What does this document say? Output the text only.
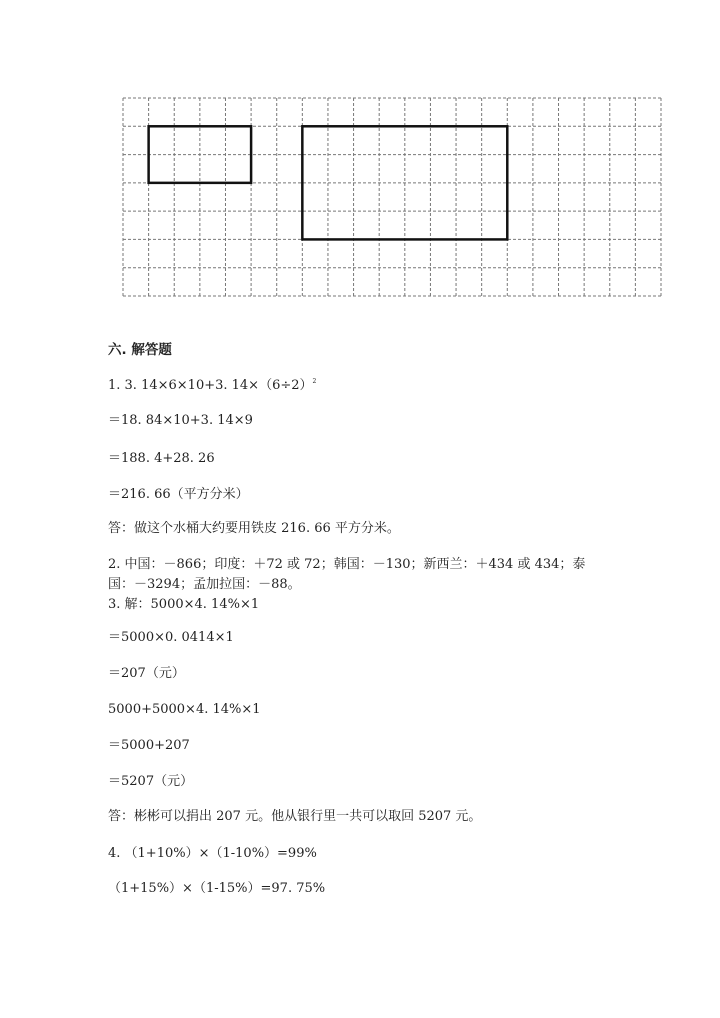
六. 解答题
1. 3. 14×6×10+3. $14\times(6\div 2)^2$
＝18. 84×10+3. 14×9
＝188. 4+28. 26
＝216. 66（平方分米）
答：做这个水桶大约要用铁皮 216. 66 平方分米。
2. 中国：－866；印度：＋72 或 72；韩国：－130；新西兰：＋434 或 434；泰国：－3294；孟加拉国：－88。
3. 解：5000×4. 14%×1
＝5000×0. 0414×1
＝207（元）
5000+5000×4. 14%×1
＝5000+207
＝5207（元）
答：彬彬可以捐出 207 元。他从银行里一共可以取回 5207 元。
4. （1+10%）×（1-10%）=99%
（1+15%）×（1-15%）=97. 75%
